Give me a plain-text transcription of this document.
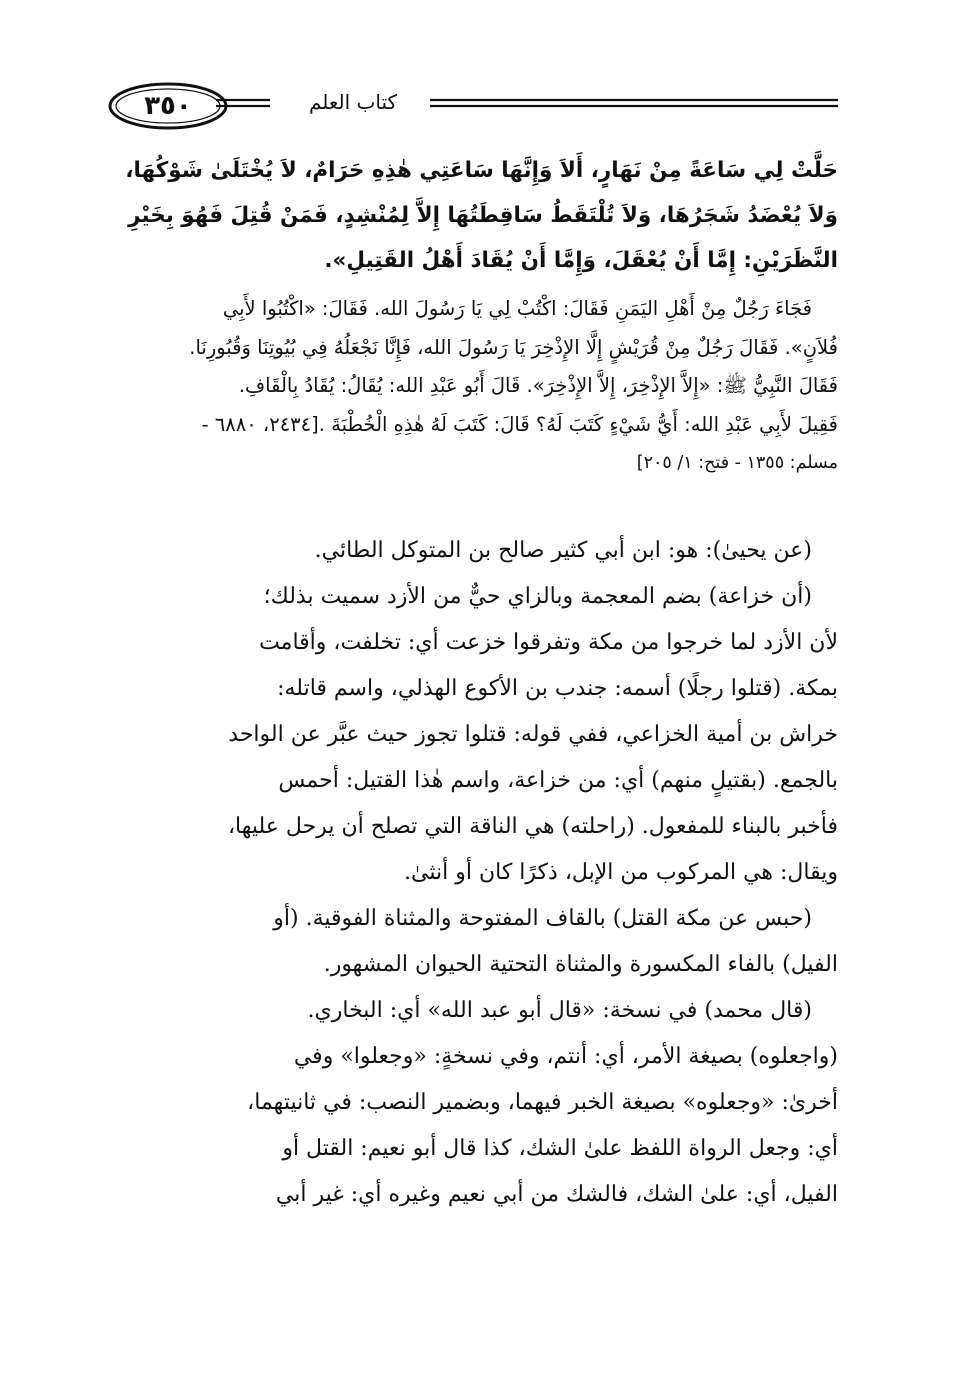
٣٥٠	كتاب العلم
حَلَّتْ لِي سَاعَةً مِنْ نَهَارٍ، أَلاَ وَإِنَّهَا سَاعَتِي هٰذِهِ حَرَامٌ، لاَ يُخْتَلَىٰ شَوْكُهَا،
وَلاَ يُعْضَدُ شَجَرُهَا، وَلاَ تُلْتَقَطُ سَاقِطَتُهَا إِلاَّ لِمُنْشِدٍ، فَمَنْ قُتِلَ فَهُوَ بِخَيْرِ
النَّظَرَيْنِ: إِمَّا أَنْ يُعْقَلَ، وَإِمَّا أَنْ يُقَادَ أَهْلُ القَتِيلِ».
فَجَاءَ رَجُلٌ مِنْ أَهْلِ اليَمَنِ فَقَالَ: اكْتُبْ لِي يَا رَسُولَ الله. فَقَالَ: «اكْتُبُوا لأَبِي
فُلاَنٍ». فَقَالَ رَجُلٌ مِنْ قُرَيْشٍ إِلَّا الإِذْخِرَ يَا رَسُولَ الله، فَإِنَّا نَجْعَلُهُ فِي بُيُوتِنَا وَقُبُورِنَا.
فَقَالَ النَّبِيُّ ﷺ: «إِلاَّ الإِذْخِرَ، إِلاَّ الإِذْخِرَ». قَالَ أَبُو عَبْدِ الله: يُقَالُ: يُقَادُ بِالْقَافِ.
فَقِيلَ لأَبِي عَبْدِ الله: أَيُّ شَيْءٍ كَتَبَ لَهُ؟ قَالَ: كَتَبَ لَهُ هٰذِهِ الْخُطْبَةَ .[٢٤٣٤، ٦٨٨٠ -
مسلم: ١٣٥٥ - فتح: ١/ ٢٠٥]
(عن يحيىٰ): هو: ابن أبي كثير صالح بن المتوكل الطائي.
(أن خزاعة) بضم المعجمة وبالزاي حيٌّ من الأزد سميت بذلك؛
لأن الأزد لما خرجوا من مكة وتفرقوا خزعت أي: تخلفت، وأقامت
بمكة. (قتلوا رجلًا) أسمه: جندب بن الأكوع الهذلي، واسم قاتله:
خراش بن أمية الخزاعي، ففي قوله: قتلوا تجوز حيث عبَّر عن الواحد
بالجمع. (بقتيلٍ منهم) أي: من خزاعة، واسم هٰذا القتيل: أحمس
فأخبر بالبناء للمفعول. (راحلته) هي الناقة التي تصلح أن يرحل عليها،
ويقال: هي المركوب من الإبل، ذكرًا كان أو أنثىٰ.
(حبس عن مكة القتل) بالقاف المفتوحة والمثناة الفوقية. (أو
الفيل) بالفاء المكسورة والمثناة التحتية الحيوان المشهور.
(قال محمد) في نسخة: «قال أبو عبد الله» أي: البخاري.
(واجعلوه) بصيغة الأمر، أي: أنتم، وفي نسخةٍ: «وجعلوا» وفي
أخرىٰ: «وجعلوه» بصيغة الخبر فيهما، وبضمير النصب: في ثانيتهما،
أي: وجعل الرواة اللفظ علىٰ الشك، كذا قال أبو نعيم: القتل أو
الفيل، أي: علىٰ الشك، فالشك من أبي نعيم وغيره أي: غير أبي
